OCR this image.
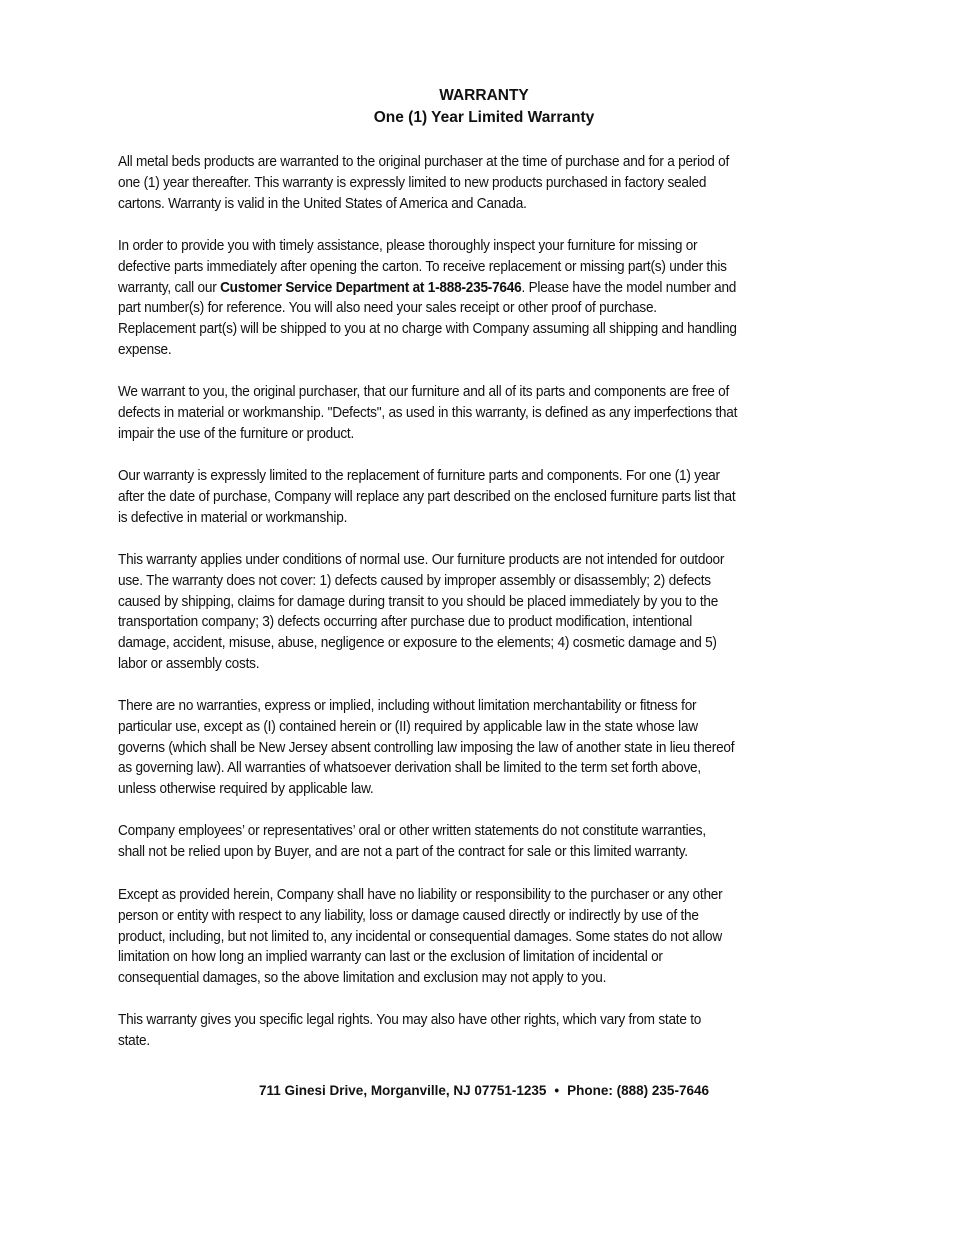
WARRANTY
One (1) Year Limited Warranty
All metal beds products are warranted to the original purchaser at the time of purchase and for a period of
one (1) year thereafter. This warranty is expressly limited to new products purchased in factory sealed
cartons. Warranty is valid in the United States of America and Canada.
In order to provide you with timely assistance, please thoroughly inspect your furniture for missing or
defective parts immediately after opening the carton. To receive replacement or missing part(s) under this
warranty, call our Customer Service Department at 1-888-235-7646. Please have the model number and
part number(s) for reference. You will also need your sales receipt or other proof of purchase.
Replacement part(s) will be shipped to you at no charge with Company assuming all shipping and handling
expense.
We warrant to you, the original purchaser, that our furniture and all of its parts and components are free of
defects in material or workmanship. "Defects", as used in this warranty, is defined as any imperfections that
impair the use of the furniture or product.
Our warranty is expressly limited to the replacement of furniture parts and components. For one (1) year
after the date of purchase, Company will replace any part described on the enclosed furniture parts list that
is defective in material or workmanship.
This warranty applies under conditions of normal use. Our furniture products are not intended for outdoor
use. The warranty does not cover: 1) defects caused by improper assembly or disassembly; 2) defects
caused by shipping, claims for damage during transit to you should be placed immediately by you to the
transportation company; 3) defects occurring after purchase due to product modification, intentional
damage, accident, misuse, abuse, negligence or exposure to the elements; 4) cosmetic damage and 5)
labor or assembly costs.
There are no warranties, express or implied, including without limitation merchantability or fitness for
particular use, except as (I) contained herein or (II) required by applicable law in the state whose law
governs (which shall be New Jersey absent controlling law imposing the law of another state in lieu thereof
as governing law). All warranties of whatsoever derivation shall be limited to the term set forth above,
unless otherwise required by applicable law.
Company employees’ or representatives’ oral or other written statements do not constitute warranties,
shall not be relied upon by Buyer, and are not a part of the contract for sale or this limited warranty.
Except as provided herein, Company shall have no liability or responsibility to the purchaser or any other
person or entity with respect to any liability, loss or damage caused directly or indirectly by use of the
product, including, but not limited to, any incidental or consequential damages. Some states do not allow
limitation on how long an implied warranty can last or the exclusion of limitation of incidental or
consequential damages, so the above limitation and exclusion may not apply to you.
This warranty gives you specific legal rights. You may also have other rights, which vary from state to
state.
711 Ginesi Drive, Morganville, NJ 07751-1235 • Phone: (888) 235-7646
